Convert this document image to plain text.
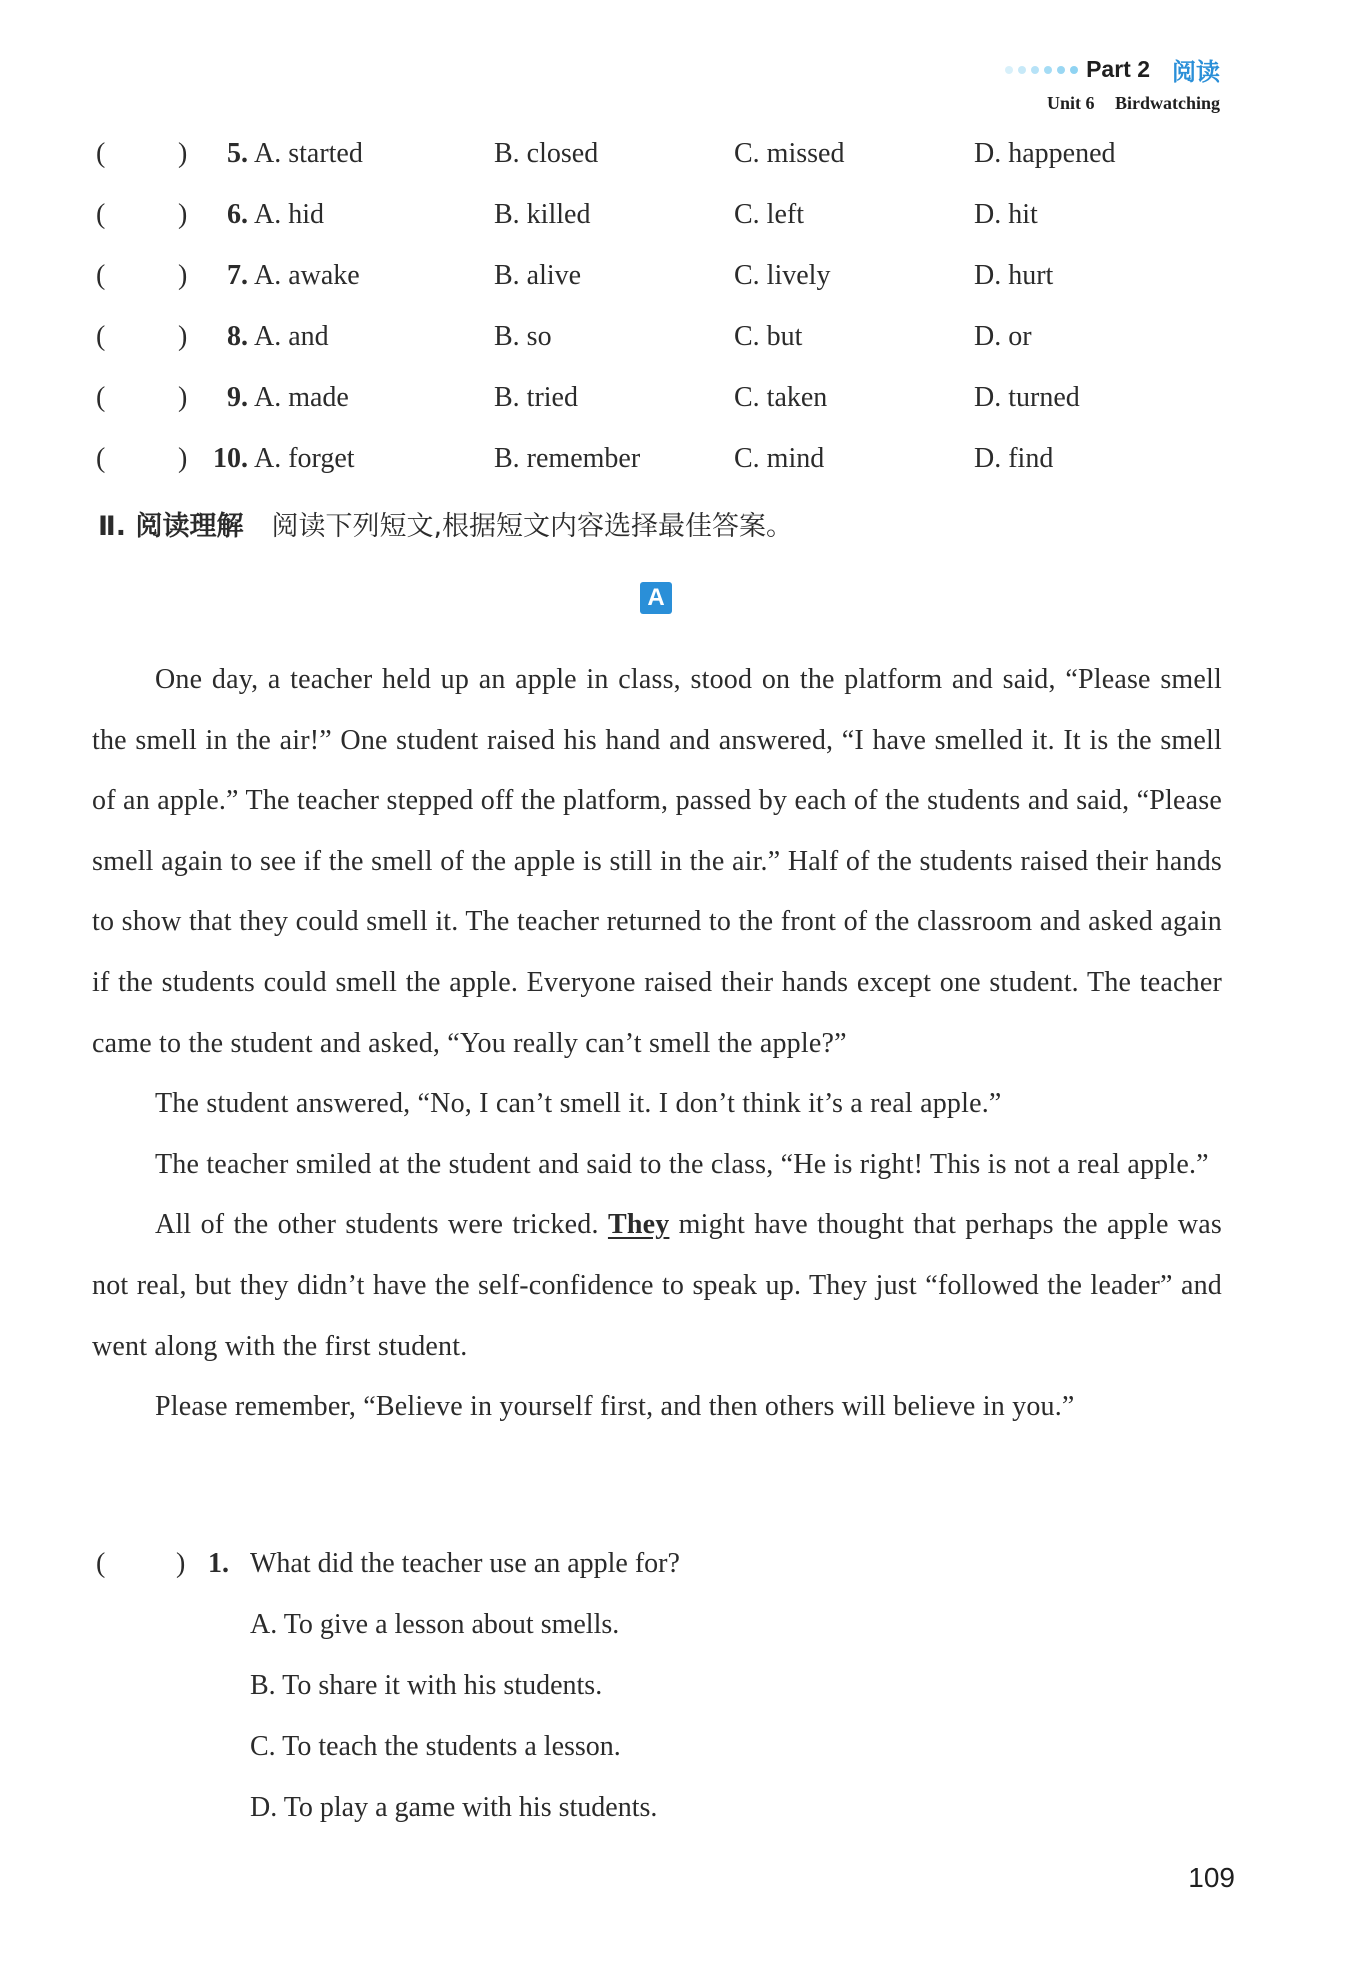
Part 2 阅读
Unit 6 Birdwatching
(	)	5. A. started	B. closed	C. missed	D. happened
(	)	6. A. hid	B. killed	C. left	D. hit
(	)	7. A. awake	B. alive	C. lively	D. hurt
(	)	8. A. and	B. so	C. but	D. or
(	)	9. A. made	B. tried	C. taken	D. turned
(	) 10. A. forget	B. remember	C. mind	D. find
Ⅱ. 阅读理解 阅读下列短文,根据短文内容选择最佳答案。
A

One day, a teacher held up an apple in class, stood on the platform and said, “Please smell the smell in the air!” One student raised his hand and answered, “I have smelled it. It is the smell of an apple.” The teacher stepped off the platform, passed by each of the students and said, “Please smell again to see if the smell of the apple is still in the air.” Half of the students raised their hands to show that they could smell it. The teacher returned to the front of the classroom and asked again if the students could smell the apple. Everyone raised their hands except one student. The teacher came to the student and asked, “You really can’t smell the apple?”

The student answered, “No, I can’t smell it. I don’t think it’s a real apple.”

The teacher smiled at the student and said to the class, “He is right! This is not a real apple.”

All of the other students were tricked. They might have thought that perhaps the apple was not real, but they didn’t have the self-confidence to speak up. They just “followed the leader” and went along with the first student.

Please remember, “Believe in yourself first, and then others will believe in you.”

(	) 1. What did the teacher use an apple for?
A. To give a lesson about smells.
B. To share it with his students.
C. To teach the students a lesson.
D. To play a game with his students.
109
